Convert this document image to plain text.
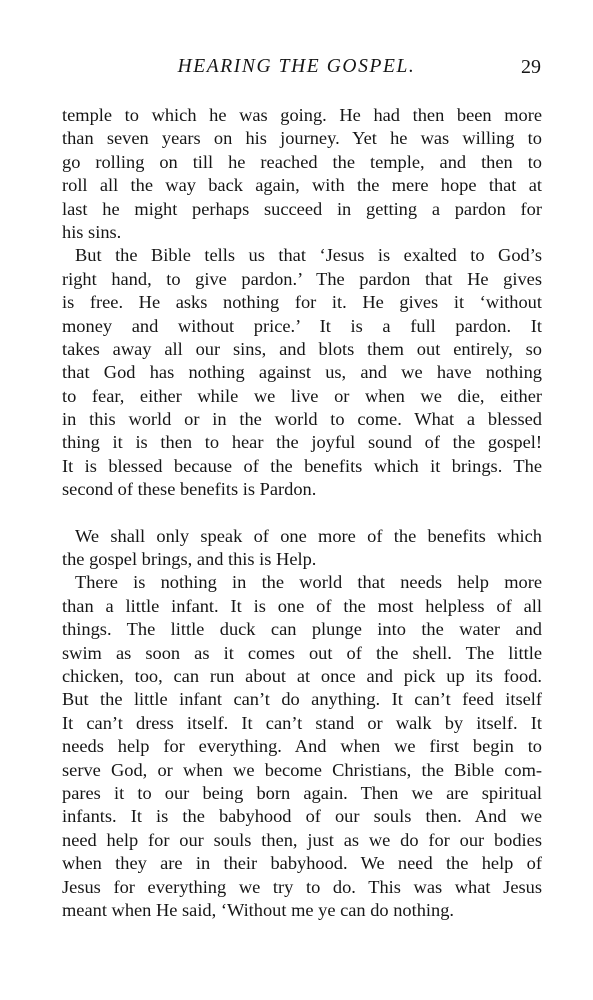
HEARING THE GOSPEL.	29
temple to which he was going. He had then been more
than seven years on his journey. Yet he was willing to
go rolling on till he reached the temple, and then to
roll all the way back again, with the mere hope that at
last he might perhaps succeed in getting a pardon for
his sins.
But the Bible tells us that ‘Jesus is exalted to God’s
right hand, to give pardon.’ The pardon that He gives
is free. He asks nothing for it. He gives it ‘without
money and without price.’ It is a full pardon. It
takes away all our sins, and blots them out entirely, so
that God has nothing against us, and we have nothing
to fear, either while we live or when we die, either
in this world or in the world to come. What a blessed
thing it is then to hear the joyful sound of the gospel!
It is blessed because of the benefits which it brings. The
second of these benefits is Pardon.
We shall only speak of one more of the benefits which
the gospel brings, and this is Help.
There is nothing in the world that needs help more
than a little infant. It is one of the most helpless of all
things. The little duck can plunge into the water and
swim as soon as it comes out of the shell. The little
chicken, too, can run about at once and pick up its food.
But the little infant can’t do anything. It can’t feed itself
It can’t dress itself. It can’t stand or walk by itself. It
needs help for everything. And when we first begin to
serve God, or when we become Christians, the Bible com-
pares it to our being born again. Then we are spiritual
infants. It is the babyhood of our souls then. And we
need help for our souls then, just as we do for our bodies
when they are in their babyhood. We need the help of
Jesus for everything we try to do. This was what Jesus
meant when He said, ‘Without me ye can do nothing.
